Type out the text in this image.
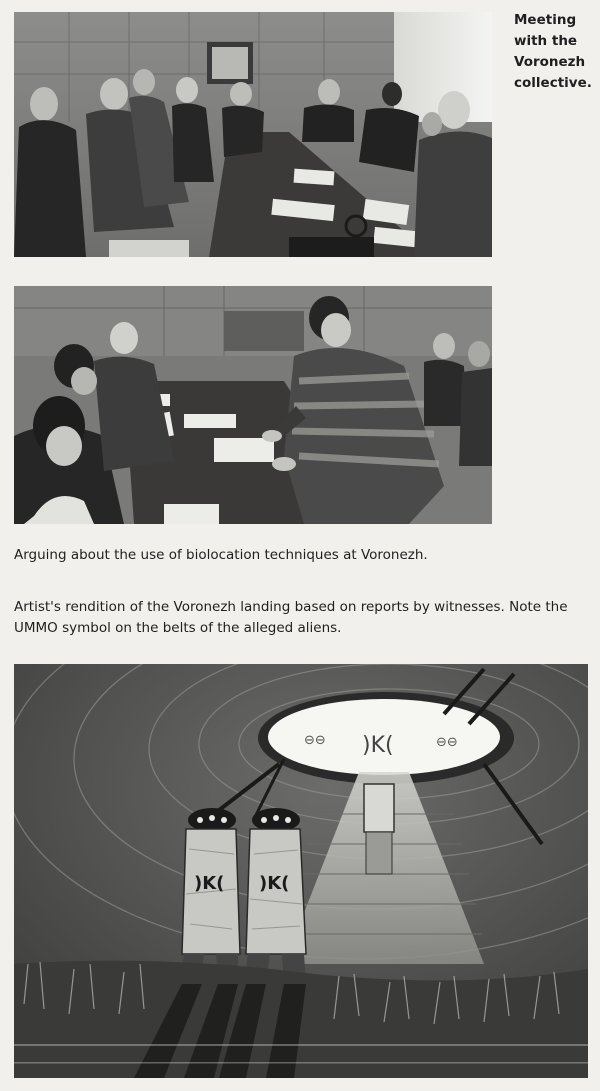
Meeting with the Voronezh collective.

Arguing about the use of biolocation techniques at Voronezh.

Artist's rendition of the Voronezh landing based on reports by witnesses. Note the UMMO symbol on the belts of the alleged aliens.

⊖⊖	⊖⊖
)K(
)K( )K(
